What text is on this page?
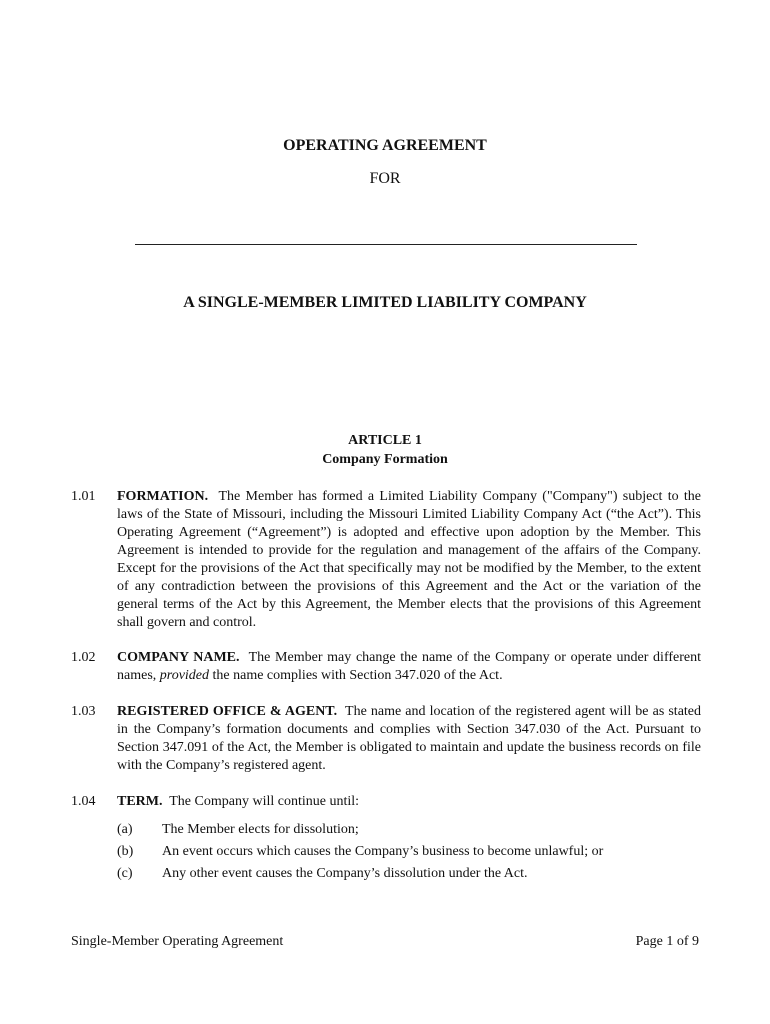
OPERATING AGREEMENT
FOR
A SINGLE-MEMBER LIMITED LIABILITY COMPANY
ARTICLE 1
Company Formation
1.01 FORMATION. The Member has formed a Limited Liability Company ("Company") subject to the laws of the State of Missouri, including the Missouri Limited Liability Company Act (“the Act”). This Operating Agreement (“Agreement”) is adopted and effective upon adoption by the Member. This Agreement is intended to provide for the regulation and management of the affairs of the Company. Except for the provisions of the Act that specifically may not be modified by the Member, to the extent of any contradiction between the provisions of this Agreement and the Act or the variation of the general terms of the Act by this Agreement, the Member elects that the provisions of this Agreement shall govern and control.
1.02 COMPANY NAME. The Member may change the name of the Company or operate under different names, provided the name complies with Section 347.020 of the Act.
1.03 REGISTERED OFFICE & AGENT. The name and location of the registered agent will be as stated in the Company’s formation documents and complies with Section 347.030 of the Act. Pursuant to Section 347.091 of the Act, the Member is obligated to maintain and update the business records on file with the Company’s registered agent.
1.04 TERM. The Company will continue until:
(a) The Member elects for dissolution;
(b) An event occurs which causes the Company’s business to become unlawful; or
(c) Any other event causes the Company’s dissolution under the Act.
Single-Member Operating Agreement	Page 1 of 9
